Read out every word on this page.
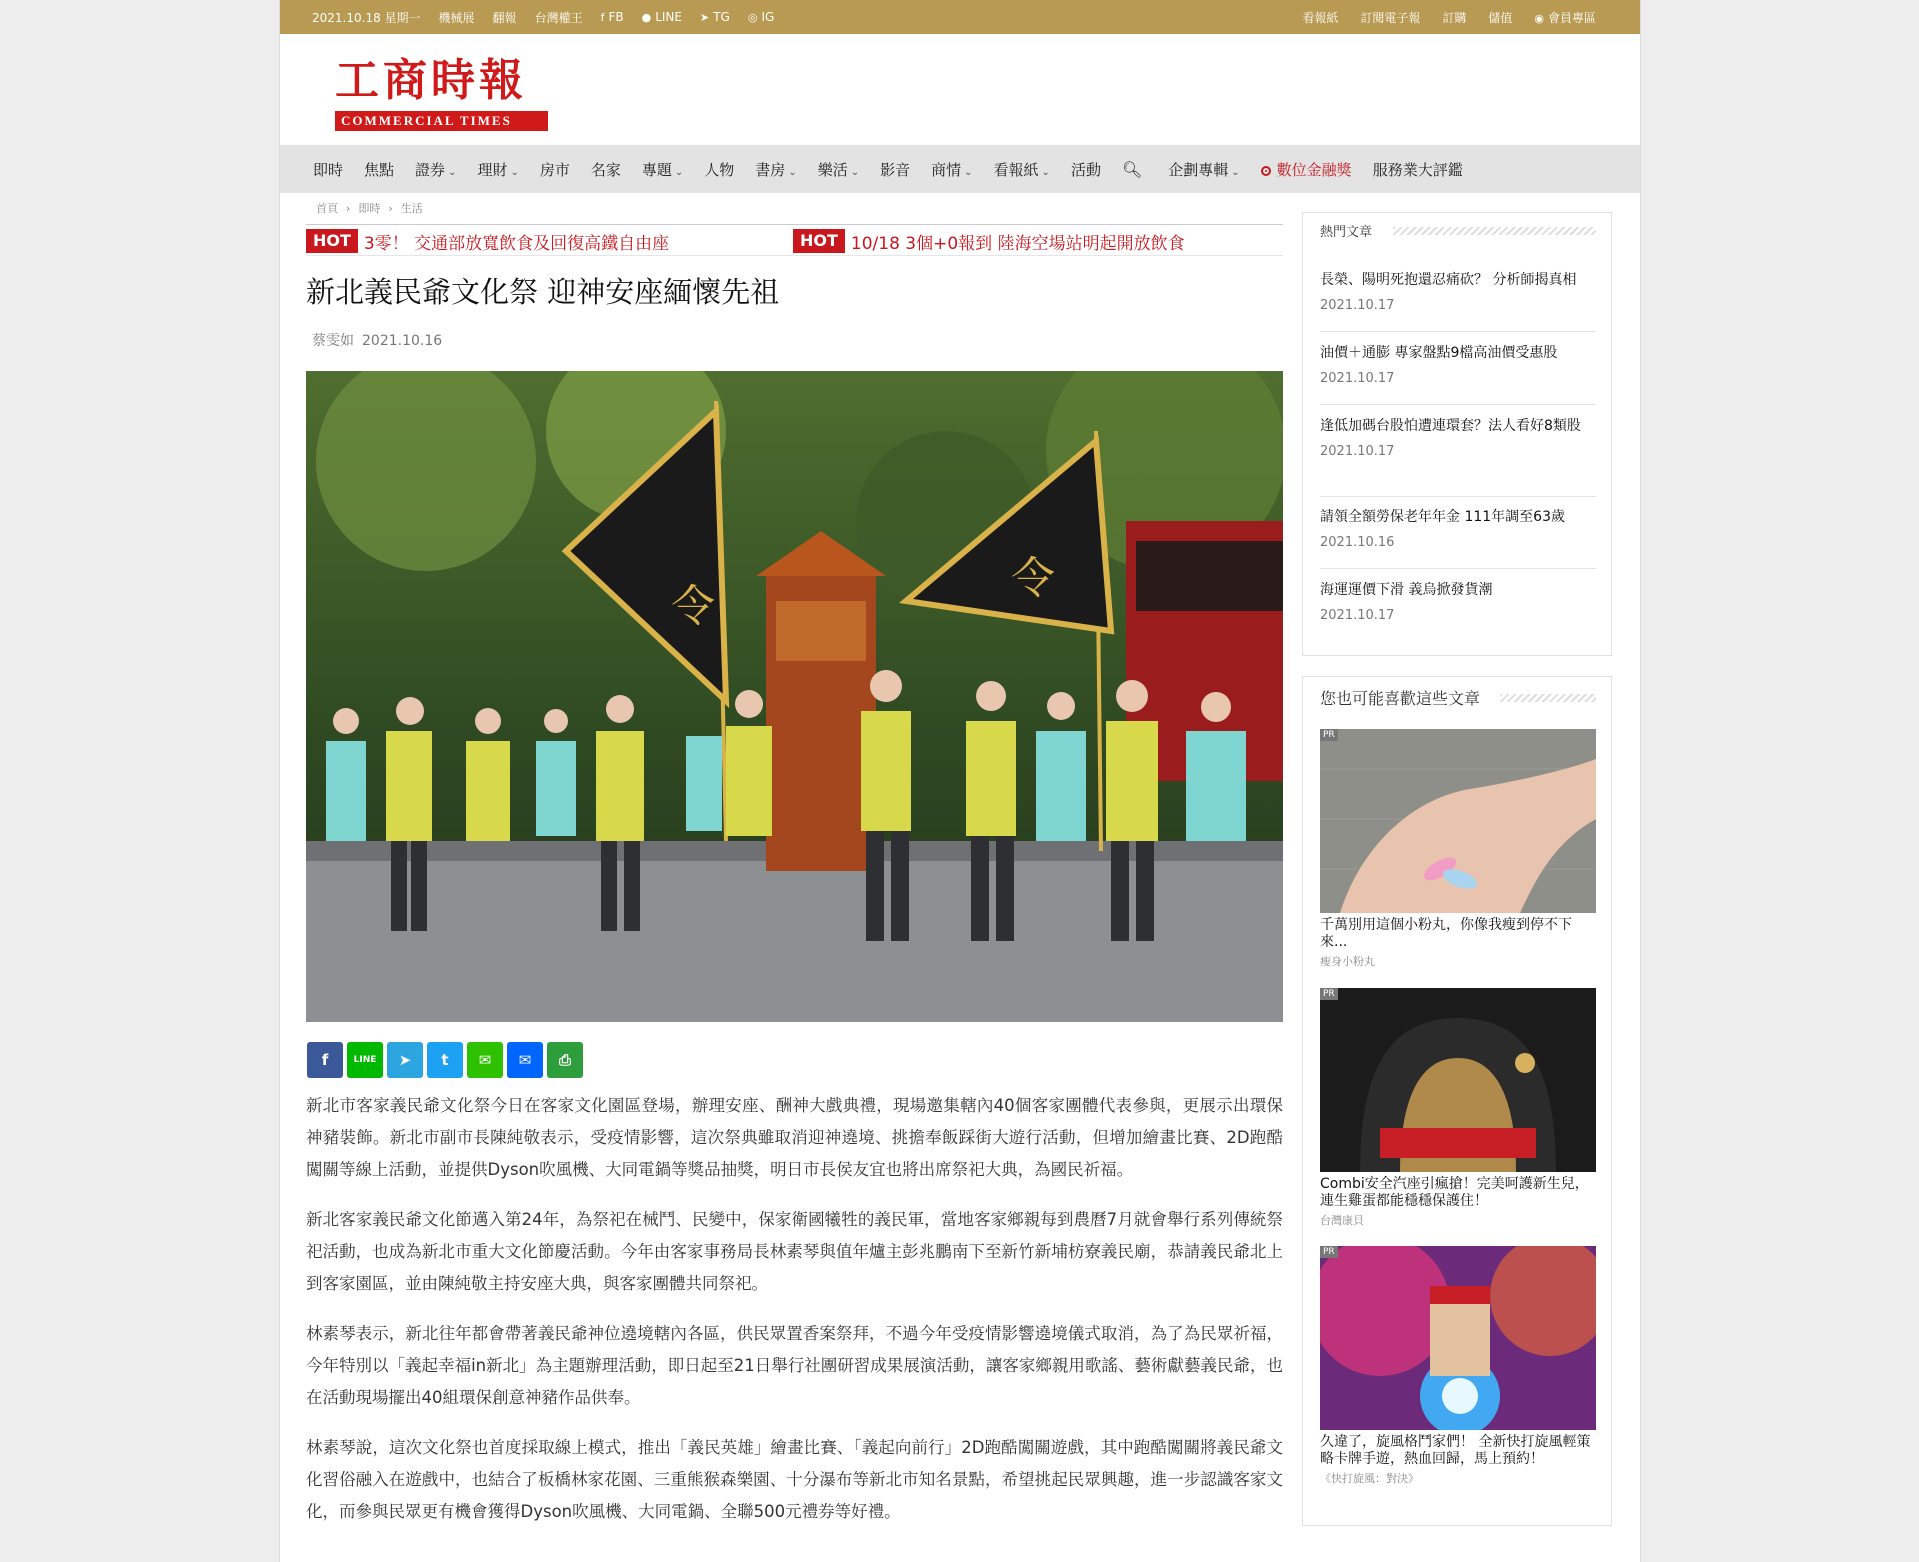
2021.10.18 星期一 機械展 翻報 台灣權王 f FB ● LINE ➤ TG ◎ IG	看報紙 訂閱電子報 訂購 儲值 ◉ 會員專區
工商時報
COMMERCIAL TIMES
即時 焦點 證券 ⌄ 理財 ⌄ 房市 名家 專題 ⌄ 人物 書房 ⌄ 樂活 ⌄ 影音 商情 ⌄ 看報紙 ⌄ 活動 🔍︎ 企劃專輯 ⌄	數位金融獎 服務業大評鑑
首頁 › 即時 › 生活
HOT 3零！ 交通部放寬飲食及回復高鐵自由座	HOT 10/18 3個+0報到 陸海空場站明起開放飲食
新北義民爺文化祭 迎神安座緬懷先祖
蔡雯如 2021.10.16
令
令
f	LINE	➤	t	✉	✉	⎙

新北市客家義民爺文化祭今日在客家文化園區登場，辦理安座、酬神大戲典禮，現場邀集轄內40個客家團體代表參與，更展示出環保神豬裝飾。新北市副市長陳純敬表示，受疫情影響，這次祭典雖取消迎神遶境、挑擔奉飯踩街大遊行活動，但增加繪畫比賽、2D跑酷闖關等線上活動，並提供Dyson吹風機、大同電鍋等獎品抽獎，明日市長侯友宜也將出席祭祀大典，為國民祈福。

新北客家義民爺文化節邁入第24年，為祭祀在械鬥、民變中，保家衛國犧牲的義民軍，當地客家鄉親每到農曆7月就會舉行系列傳統祭祀活動，也成為新北市重大文化節慶活動。今年由客家事務局長林素琴與值年爐主彭兆鵬南下至新竹新埔枋寮義民廟，恭請義民爺北上到客家園區，並由陳純敬主持安座大典，與客家團體共同祭祀。

林素琴表示，新北往年都會帶著義民爺神位遶境轄內各區，供民眾置香案祭拜，不過今年受疫情影響遶境儀式取消，為了為民眾祈福，今年特別以「義起幸福in新北」為主題辦理活動，即日起至21日舉行社團研習成果展演活動，讓客家鄉親用歌謠、藝術獻藝義民爺，也在活動現場擺出40組環保創意神豬作品供奉。

林素琴說，這次文化祭也首度採取線上模式，推出「義民英雄」繪畫比賽、「義起向前行」2D跑酷闖關遊戲，其中跑酷闖關將義民爺文化習俗融入在遊戲中，也結合了板橋林家花園、三重熊猴森樂園、十分瀑布等新北市知名景點，希望挑起民眾興趣，進一步認識客家文化，而參與民眾更有機會獲得Dyson吹風機、大同電鍋、全聯500元禮券等好禮。

熱門文章
長榮、陽明死抱還忍痛砍？ 分析師揭真相
2021.10.17
油價＋通膨 專家盤點9檔高油價受惠股
2021.10.17
逢低加碼台股怕遭連環套？法人看好8類股
2021.10.17
請領全額勞保老年年金 111年調至63歲
2021.10.16
海運運價下滑 義烏掀發貨潮
2021.10.17
您也可能喜歡這些文章
PR
千萬別用這個小粉丸，你像我瘦到停不下來...
瘦身小粉丸
PR
Combi安全汽座引瘋搶！完美呵護新生兒，連生雞蛋都能穩穩保護住！
台灣康貝
PR
久違了，旋風格鬥家們！ 全新快打旋風輕策略卡牌手遊，熱血回歸，馬上預約！
《快打旋風：對決》
